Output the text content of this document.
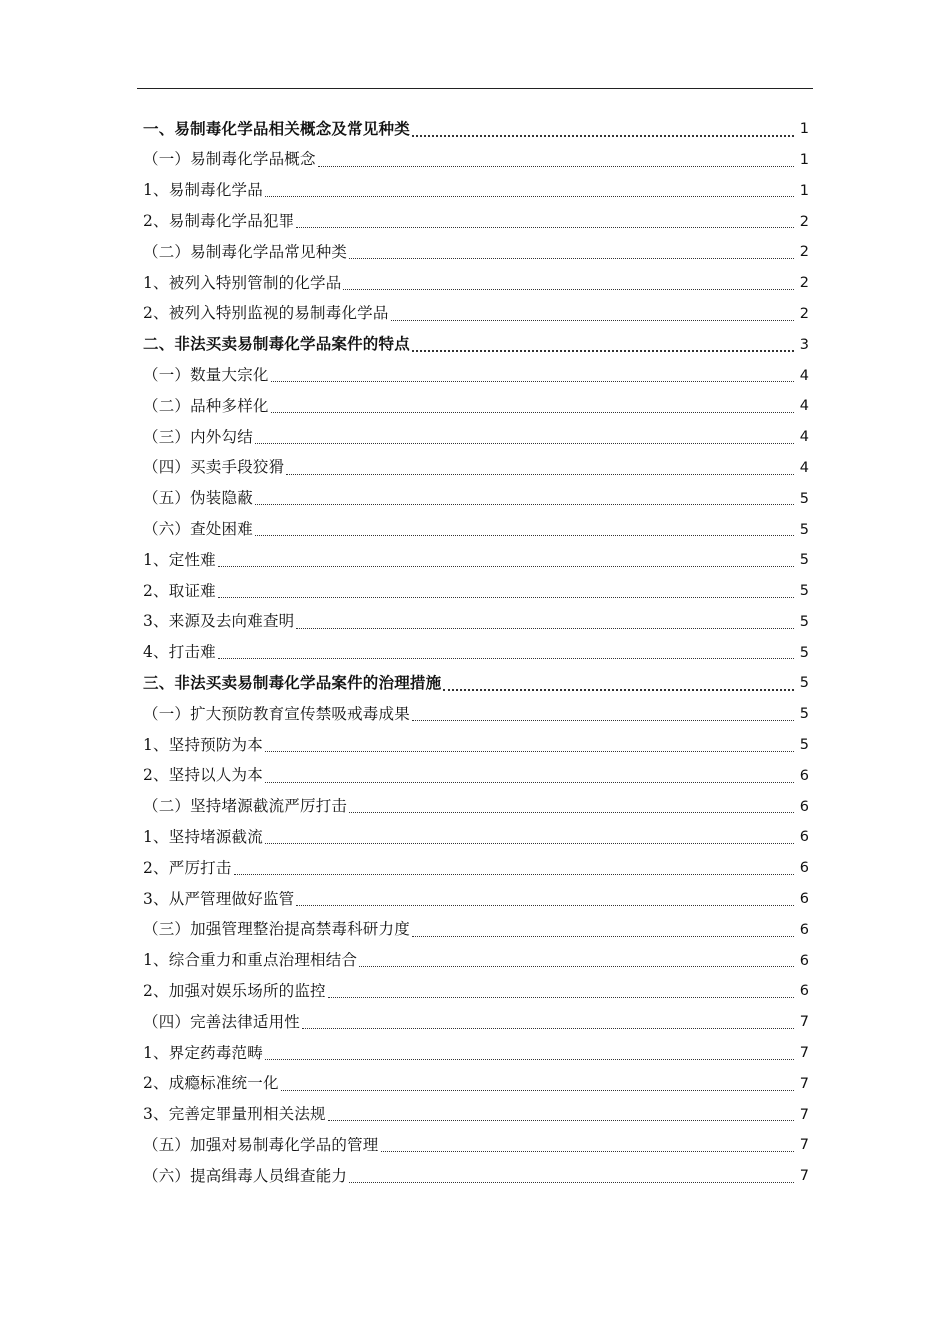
一、易制毒化学品相关概念及常见种类	1
（一）易制毒化学品概念	1
1、易制毒化学品	1
2、易制毒化学品犯罪	2
（二）易制毒化学品常见种类	2
1、被列入特别管制的化学品	2
2、被列入特别监视的易制毒化学品	2
二、非法买卖易制毒化学品案件的特点	3
（一）数量大宗化	4
（二）品种多样化	4
（三）内外勾结	4
（四）买卖手段狡猾	4
（五）伪装隐蔽	5
（六）查处困难	5
1、定性难	5
2、取证难	5
3、来源及去向难查明	5
4、打击难	5
三、非法买卖易制毒化学品案件的治理措施	5
（一）扩大预防教育宣传禁吸戒毒成果	5
1、坚持预防为本	5
2、坚持以人为本	6
（二）坚持堵源截流严厉打击	6
1、坚持堵源截流	6
2、严厉打击	6
3、从严管理做好监管	6
（三）加强管理整治提高禁毒科研力度	6
1、综合重力和重点治理相结合	6
2、加强对娱乐场所的监控	6
（四）完善法律适用性	7
1、界定药毒范畴	7
2、成瘾标准统一化	7
3、完善定罪量刑相关法规	7
（五）加强对易制毒化学品的管理	7
（六）提高缉毒人员缉查能力	7
